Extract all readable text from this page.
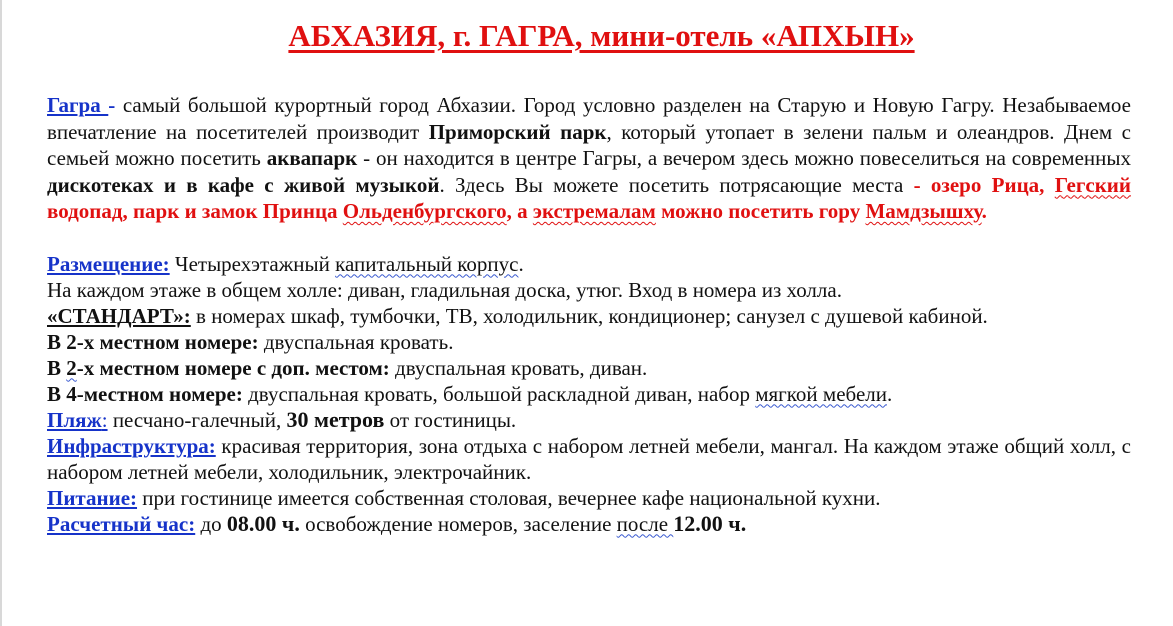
АБХАЗИЯ, г. ГАГРА, мини-отель «АПХЫН»

Гагра - самый большой курортный город Абхазии. Город условно разделен на Старую и Новую Гагру. Незабываемое впечатление на посетителей производит Приморский парк, который утопает в зелени пальм и олеандров. Днем с семьей можно посетить аквапарк - он находится в центре Гагры, а вечером здесь можно повеселиться на современных дискотеках и в кафе с живой музыкой. Здесь Вы можете посетить потрясающие места - озеро Рица, Гегский водопад, парк и замок Принца Ольденбургского, а экстремалам можно посетить гору Мамдзышху.

Размещение: Четырехэтажный капитальный корпус.

На каждом этаже в общем холле: диван, гладильная доска, утюг. Вход в номера из холла.

«СТАНДАРТ»: в номерах шкаф, тумбочки, ТВ, холодильник, кондиционер; санузел с душевой кабиной.

В 2-х местном номере: двуспальная кровать.

В 2-х местном номере с доп. местом: двуспальная кровать, диван.

В 4-местном номере: двуспальная кровать, большой раскладной диван, набор мягкой мебели.

Пляж: песчано-галечный, 30 метров от гостиницы.

Инфраструктура: красивая территория, зона отдыха с набором летней мебели, мангал. На каждом этаже общий холл, с набором летней мебели, холодильник, электрочайник.

Питание: при гостинице имеется собственная столовая, вечернее кафе национальной кухни.

Расчетный час: до 08.00 ч. освобождение номеров, заселение после 12.00 ч.
